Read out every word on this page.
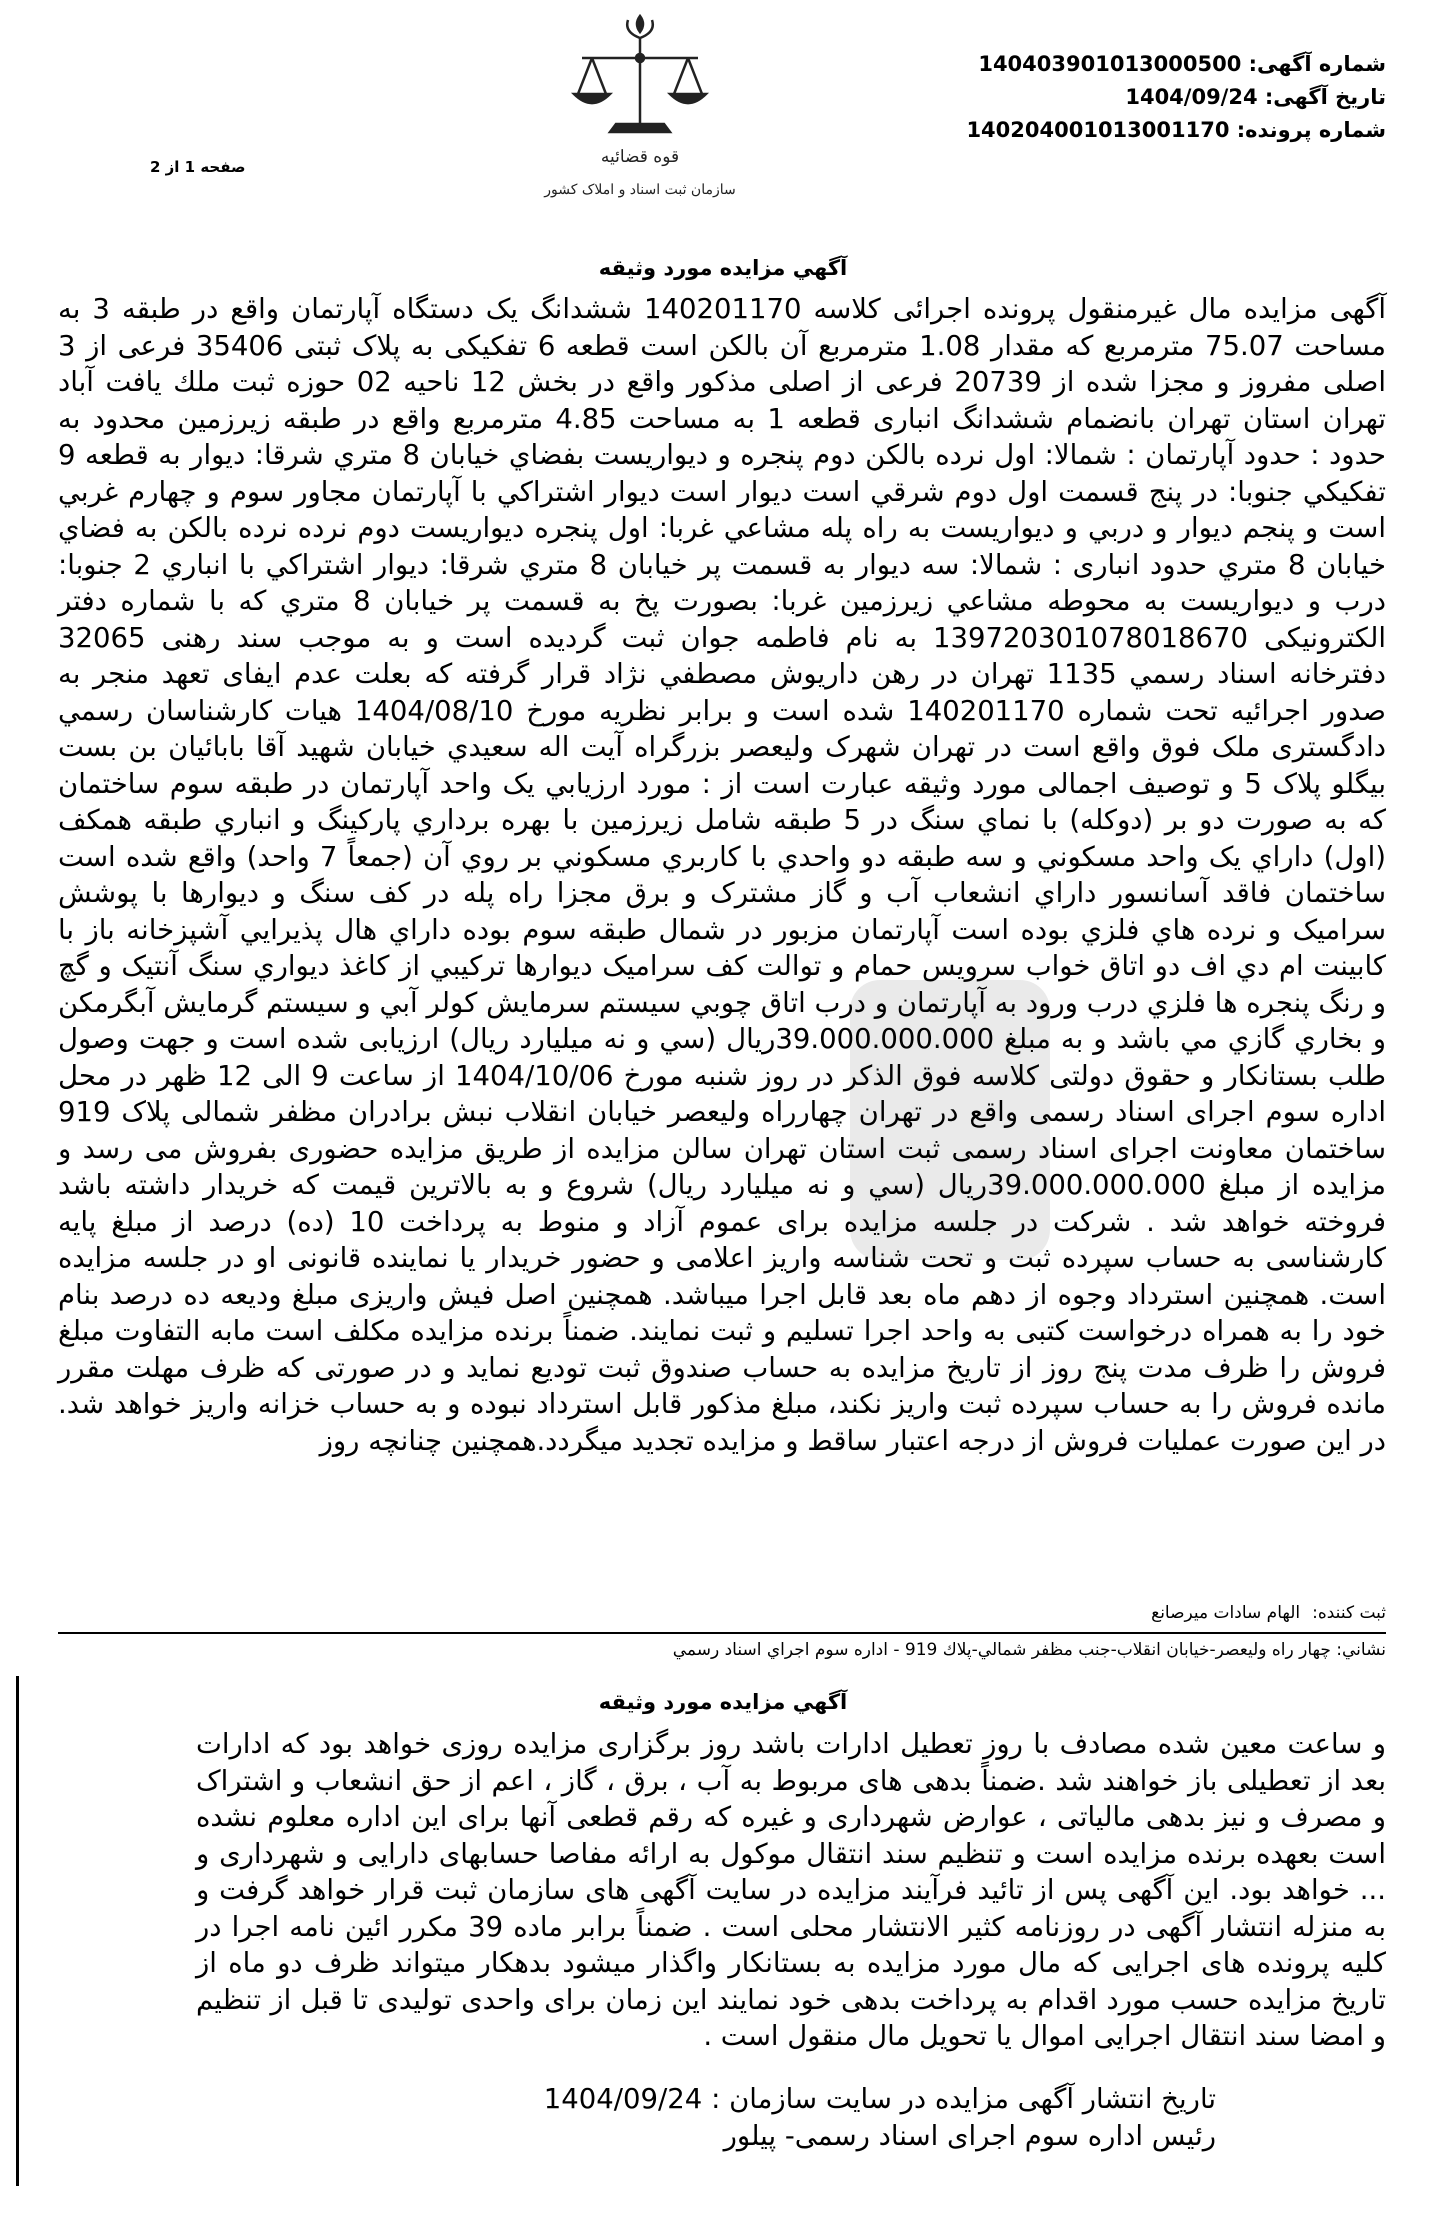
شماره آگهی: 140403901013000500
تاریخ آگهی: 1404/09/24
شماره پرونده: 140204001013001170
صفحه 1 از 2	قوه قضائیه
سازمان ثبت اسناد و املاک کشور
آگهي مزايده مورد وثيقه

آگهی مزایده مال غیرمنقول پرونده اجرائی کلاسه 140201170 ششدانگ یک دستگاه آپارتمان واقع در طبقه 3 به مساحت 75.07 مترمربع که مقدار 1.08 مترمربع آن بالکن است قطعه 6 تفکیکی به پلاک ثبتی 35406 فرعی از 3 اصلی مفروز و مجزا شده از 20739 فرعی از اصلی مذکور واقع در بخش 12 ناحیه 02 حوزه ثبت ملك يافت آباد تهران استان تهران بانضمام ششدانگ انباری قطعه 1 به مساحت 4.85 مترمربع واقع در طبقه زيرزمين محدود به حدود : حدود آپارتمان : شمالا: اول نرده بالكن دوم پنجره و ديواريست بفضاي خيابان 8 متري شرقا: ديوار به قطعه 9 تفكيكي جنوبا: در پنج قسمت اول دوم شرقي است ديوار است ديوار اشتراكي با آپارتمان مجاور سوم و چهارم غربي است و پنجم ديوار و دربي و ديواريست به راه پله مشاعي غربا: اول پنجره ديواريست دوم نرده نرده بالكن به فضاي خيابان 8 متري حدود انباری : شمالا: سه ديوار به قسمت پر خيابان 8 متري شرقا: ديوار اشتراكي با انباري 2 جنوبا: درب و ديواريست به محوطه مشاعي زيرزمين غربا: بصورت پخ به قسمت پر خيابان 8 متري که با شماره دفتر الکترونیکی 139720301078018670 به نام فاطمه جوان ثبت گرديده است و به موجب سند رهنی 32065 دفترخانه اسناد رسمي 1135 تهران در رهن داريوش مصطفي نژاد قرار گرفته که بعلت عدم ايفای تعهد منجر به صدور اجرائيه تحت شماره 140201170 شده است و برابر نظريه مورخ 1404/08/10 هيات كارشناسان رسمي دادگستری ملک فوق واقع است در تهران شهرک وليعصر بزرگراه آيت اله سعيدي خيابان شهيد آقا بابائيان بن بست بيگلو پلاک 5 و توصيف اجمالی مورد وثيقه عبارت است از : مورد ارزيابي يک واحد آپارتمان در طبقه سوم ساختمان که به صورت دو بر (دوكله) با نماي سنگ در 5 طبقه شامل زيرزمين با بهره برداري پاركينگ و انباري طبقه همكف (اول) داراي يک واحد مسكوني و سه طبقه دو واحدي با كاربري مسكوني بر روي آن (جمعاً 7 واحد) واقع شده است ساختمان فاقد آسانسور داراي انشعاب آب و گاز مشترک و برق مجزا راه پله در كف سنگ و ديوارها با پوشش سراميک و نرده هاي فلزي بوده است آپارتمان مزبور در شمال طبقه سوم بوده داراي هال پذيرايي آشپزخانه باز با كابينت ام دي اف دو اتاق خواب سرويس حمام و توالت كف سراميک ديوارها تركيبي از كاغذ ديواري سنگ آنتيک و گچ و رنگ پنجره ها فلزي درب ورود به آپارتمان و درب اتاق چوبي سيستم سرمايش كولر آبي و سيستم گرمايش آبگرمكن و بخاري گازي مي باشد و به مبلغ 39.000.000.000ريال (سي و نه ميليارد ريال) ارزيابی شده است و جهت وصول طلب بستانكار و حقوق دولتی کلاسه فوق الذكر در روز شنبه مورخ 1404/10/06 از ساعت 9 الی 12 ظهر در محل اداره سوم اجرای اسناد رسمی واقع در تهران چهارراه وليعصر خيابان انقلاب نبش برادران مظفر شمالی پلاک 919 ساختمان معاونت اجرای اسناد رسمی ثبت استان تهران سالن مزايده از طريق مزايده حضوری بفروش می رسد و مزايده از مبلغ 39.000.000.000ريال (سي و نه ميليارد ريال) شروع و به بالاترين قيمت كه خريدار داشته باشد فروخته خواهد شد . شركت در جلسه مزايده برای عموم آزاد و منوط به پرداخت 10 (ده) درصد از مبلغ پايه كارشناسی به حساب سپرده ثبت و تحت شناسه واريز اعلامی و حضور خريدار يا نماينده قانونی او در جلسه مزايده است. همچنين استرداد وجوه از دهم ماه بعد قابل اجرا میباشد. همچنين اصل فيش واريزی مبلغ وديعه ده درصد بنام خود را به همراه درخواست كتبی به واحد اجرا تسليم و ثبت نمايند. ضمناً برنده مزايده مكلف است مابه التفاوت مبلغ فروش را ظرف مدت پنج روز از تاريخ مزايده به حساب صندوق ثبت توديع نمايد و در صورتی كه ظرف مهلت مقرر مانده فروش را به حساب سپرده ثبت واريز نكند، مبلغ مذكور قابل استرداد نبوده و به حساب خزانه واريز خواهد شد. در اين صورت عمليات فروش از درجه اعتبار ساقط و مزايده تجديد ميگردد.همچنين چنانچه روز

ثبت کننده:
الهام سادات ميرصانع
نشاني: چهار راه وليعصر-خيابان انقلاب-جنب مظفر شمالي-پلاك 919 - اداره سوم اجراي اسناد رسمي
آگهي مزايده مورد وثيقه

و ساعت معين شده مصادف با روز تعطيل ادارات باشد روز برگزاری مزايده روزی خواهد بود كه ادارات بعد از تعطيلی باز خواهند شد .ضمناً بدهی های مربوط به آب ، برق ، گاز ، اعم از حق انشعاب و اشتراک و مصرف و نيز بدهی مالياتی ، عوارض شهرداری و غيره كه رقم قطعی آنها برای اين اداره معلوم نشده است بعهده برنده مزايده است و تنظيم سند انتقال موكول به ارائه مفاصا حسابهای دارايی و شهرداری و ... خواهد بود. اين آگهی پس از تائيد فرآيند مزايده در سايت آگهی های سازمان ثبت قرار خواهد گرفت و به منزله انتشار آگهی در روزنامه كثير الانتشار محلی است . ضمناً برابر ماده 39 مكرر ائين نامه اجرا در كليه پرونده های اجرايی كه مال مورد مزايده به بستانكار واگذار ميشود بدهكار ميتواند ظرف دو ماه از تاريخ مزايده حسب مورد اقدام به پرداخت بدهی خود نمايند اين زمان برای واحدی توليدی تا قبل از تنظيم و امضا سند انتقال اجرايی اموال يا تحويل مال منقول است .

تاریخ انتشار آگهی مزایده در سایت سازمان : 1404/09/24
رئیس اداره سوم اجرای اسناد رسمی- پیلور
